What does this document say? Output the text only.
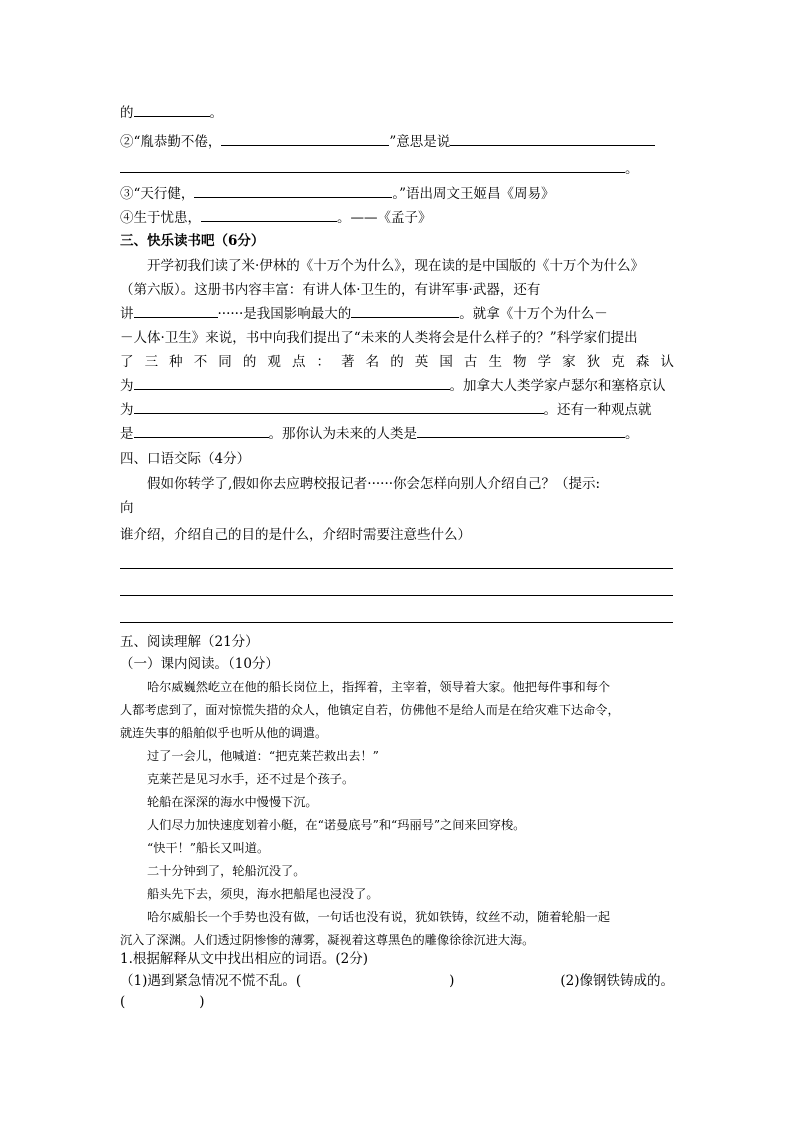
的	。
②“胤恭勤不倦，	”意思是说
。
③“天行健，	。”语出周文王姬昌《周易》
④生于忧患，	。——《孟子》
三、快乐读书吧（6分）
开学初我们读了米·伊林的《十万个为什么》，现在读的是中国版的《十万个为什么》
（第六版）。这册书内容丰富：有讲人体·卫生的，有讲军事·武器，还有
讲	······是我国影响最大的	。就拿《十万个为什么－
－人体·卫生》来说，书中向我们提出了“未来的人类将会是什么样子的？”科学家们提出
了 三 种 不 同 的 观 点 ： 著 名 的 英 国 古 生 物 学 家 狄 克 森 认
为	。加拿大人类学家卢瑟尔和塞格京认
为	。还有一种观点就
是	。那你认为未来的人类是	。
四、口语交际（4分）
假如你转学了,假如你去应聘校报记者······你会怎样向别人介绍自己？（提示:
向
谁介绍，介绍自己的目的是什么，介绍时需要注意些什么）
五、阅读理解（21分）
（一）课内阅读。（10分）
哈尔威巍然屹立在他的船长岗位上，指挥着，主宰着，领导着大家。他把每件事和每个
人都考虑到了，面对惊慌失措的众人，他镇定自若，仿佛他不是给人而是在给灾难下达命令，
就连失事的船舶似乎也听从他的调遣。
过了一会儿，他喊道：“把克莱芒救出去！”
克莱芒是见习水手，还不过是个孩子。
轮船在深深的海水中慢慢下沉。
人们尽力加快速度划着小艇，在“诺曼底号”和“玛丽号”之间来回穿梭。
“快干！”船长又叫道。
二十分钟到了，轮船沉没了。
船头先下去，须臾，海水把船尾也浸没了。
哈尔威船长一个手势也没有做，一句话也没有说，犹如铁铸，纹丝不动，随着轮船一起
沉入了深渊。人们透过阴惨惨的薄雾，凝视着这尊黑色的雕像徐徐沉进大海。
1.根据解释从文中找出相应的词语。(2分)
（1)遇到紧急情况不慌不乱。(	)	(2)像钢铁铸成的。
(	)
